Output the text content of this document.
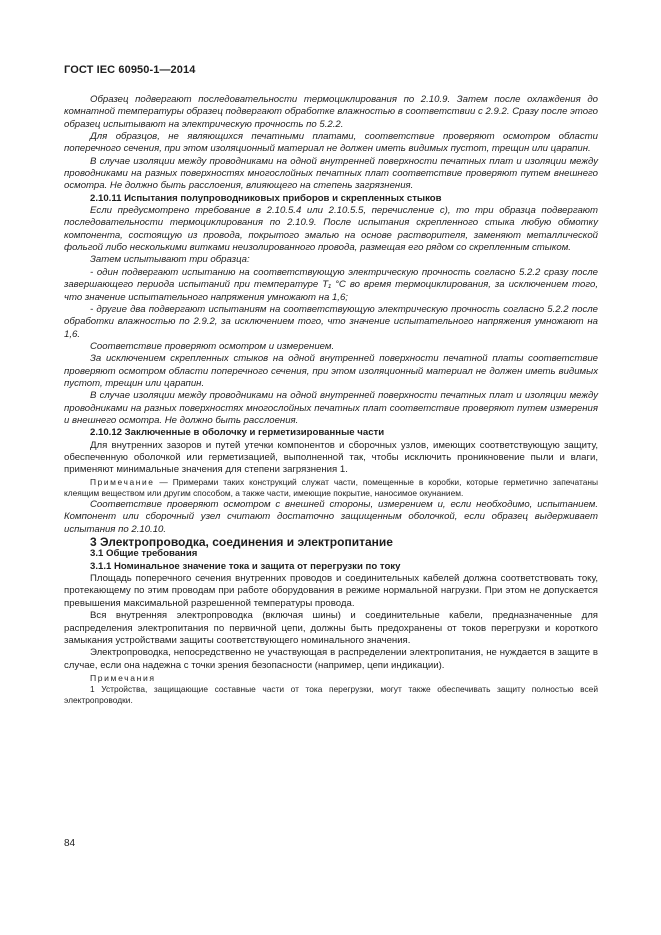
ГОСТ IEC 60950-1—2014

Образец подвергают последовательности термоциклирования по 2.10.9. Затем после охлаждения до комнатной температуры образец подвергают обработке влажностью в соответствии с 2.9.2. Сразу после этого образец испытывают на электрическую прочность по 5.2.2.

Для образцов, не являющихся печатными платами, соответствие проверяют осмотром области поперечного сечения, при этом изоляционный материал не должен иметь видимых пустот, трещин или царапин.

В случае изоляции между проводниками на одной внутренней поверхности печатных плат и изоляции между проводниками на разных поверхностях многослойных печатных плат соответствие проверяют путем внешнего осмотра. Не должно быть расслоения, влияющего на степень загрязнения.

2.10.11 Испытания полупроводниковых приборов и скрепленных стыков

Если предусмотрено требование в 2.10.5.4 или 2.10.5.5, перечисление с), то три образца подвергают последовательности термоциклирования по 2.10.9. После испытания скрепленного стыка любую обмотку компонента, состоящую из провода, покрытого эмалью на основе растворителя, заменяют металлической фольгой либо несколькими витками неизолированного провода, размещая его рядом со скрепленным стыком.

Затем испытывают три образца:

- один подвергают испытанию на соответствующую электрическую прочность согласно 5.2.2 сразу после завершающего периода испытаний при температуре T₁ °С во время термоциклирования, за исключением того, что значение испытательного напряжения умножают на 1,6;

- другие два подвергают испытаниям на соответствующую электрическую прочность согласно 5.2.2 после обработки влажностью по 2.9.2, за исключением того, что значение испытательного напряжения умножают на 1,6.

Соответствие проверяют осмотром и измерением.

За исключением скрепленных стыков на одной внутренней поверхности печатной платы соответствие проверяют осмотром области поперечного сечения, при этом изоляционный материал не должен иметь видимых пустот, трещин или царапин.

В случае изоляции между проводниками на одной внутренней поверхности печатных плат и изоляции между проводниками на разных поверхностях многослойных печатных плат соответствие проверяют путем измерения и внешнего осмотра. Не должно быть расслоения.

2.10.12 Заключенные в оболочку и герметизированные части

Для внутренних зазоров и путей утечки компонентов и сборочных узлов, имеющих соответствующую защиту, обеспеченную оболочкой или герметизацией, выполненной так, чтобы исключить проникновение пыли и влаги, применяют минимальные значения для степени загрязнения 1.

Примечание — Примерами таких конструкций служат части, помещенные в коробки, которые герметично запечатаны клеящим веществом или другим способом, а также части, имеющие покрытие, наносимое окунанием.

Соответствие проверяют осмотром с внешней стороны, измерением и, если необходимо, испытанием. Компонент или сборочный узел считают достаточно защищенным оболочкой, если образец выдерживает испытания по 2.10.10.

3 Электропроводка, соединения и электропитание

3.1 Общие требования

3.1.1 Номинальное значение тока и защита от перегрузки по току

Площадь поперечного сечения внутренних проводов и соединительных кабелей должна соответствовать току, протекающему по этим проводам при работе оборудования в режиме нормальной нагрузки. При этом не допускается превышения максимальной разрешенной температуры провода.

Вся внутренняя электропроводка (включая шины) и соединительные кабели, предназначенные для распределения электропитания по первичной цепи, должны быть предохранены от токов перегрузки и короткого замыкания устройствами защиты соответствующего номинального значения.

Электропроводка, непосредственно не участвующая в распределении электропитания, не нуждается в защите в случае, если она надежна с точки зрения безопасности (например, цепи индикации).

Примечания

1 Устройства, защищающие составные части от тока перегрузки, могут также обеспечивать защиту полностью всей электропроводки.

84
